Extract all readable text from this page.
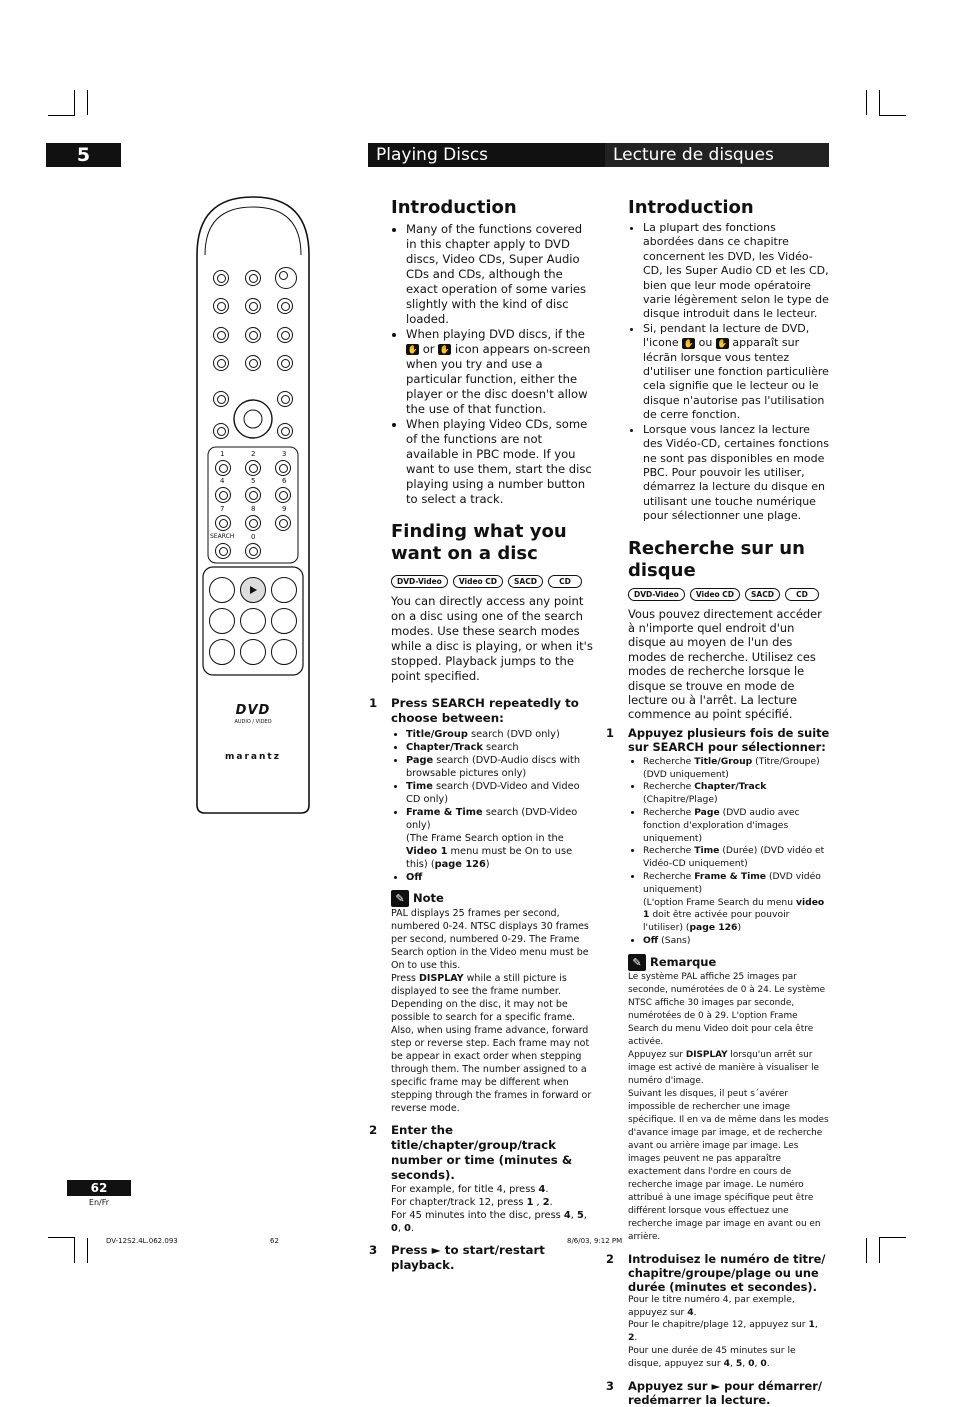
5	Playing Discs	Lecture de disques
1	2	3
4	5	6
7	8	9
SEARCH 0
DVD
AUDIO / VIDEO
marantz
Introduction
• Many of the functions covered in this chapter apply to DVD discs, Video CDs, Super Audio CDs and CDs, although the exact operation of some varies slightly with the kind of disc loaded.
• When playing DVD discs, if the ✋ or ✋ icon appears on-screen when you try and use a particular function, either the player or the disc doesn't allow the use of that function.
• When playing Video CDs, some of the functions are not available in PBC mode. If you want to use them, start the disc playing using a number button to select a track.
Finding what you want on a disc
DVD-Video	Video CD	SACD	CD
You can directly access any point on a disc using one of the search modes. Use these search modes while a disc is playing, or when it's stopped. Playback jumps to the point specified.
1 Press SEARCH repeatedly to choose between:
• Title/Group search (DVD only)
• Chapter/Track search
• Page search (DVD-Audio discs with browsable pictures only)
• Time search (DVD-Video and Video CD only)
• Frame & Time search (DVD-Video only)
(The Frame Search option in the Video 1 menu must be On to use this) (page 126)
• Off
✎ Note
PAL displays 25 frames per second, numbered 0-24. NTSC displays 30 frames per second, numbered 0-29. The Frame Search option in the Video menu must be On to use this.
Press DISPLAY while a still picture is displayed to see the frame number.
Depending on the disc, it may not be possible to search for a specific frame. Also, when using frame advance, forward step or reverse step. Each frame may not be appear in exact order when stepping through them. The number assigned to a specific frame may be different when stepping through the frames in forward or reverse mode.
2 Enter the title/chapter/group/track number or time (minutes & seconds).
For example, for title 4, press 4.
For chapter/track 12, press 1 , 2.
For 45 minutes into the disc, press 4, 5, 0, 0.
3 Press ► to start/restart playback.
Introduction
• La plupart des fonctions abordées dans ce chapitre concernent les DVD, les Vidéo-CD, les Super Audio CD et les CD, bien que leur mode opératoire varie légèrement selon le type de disque introduit dans le lecteur.
• Si, pendant la lecture de DVD, l'icone ✋ ou ✋ apparaît sur lécrãn lorsque vous tentez d'utiliser une fonction particulière cela signifie que le lecteur ou le disque n'autorise pas l'utilisation de cerre fonction.
• Lorsque vous lancez la lecture des Vidéo-CD, certaines fonctions ne sont pas disponibles en mode PBC. Pour pouvoir les utiliser, démarrez la lecture du disque en utilisant une touche numérique pour sélectionner une plage.
Recherche sur un disque
DVD-Video	Video CD	SACD	CD
Vous pouvez directement accéder à n'importe quel endroit d'un disque au moyen de l'un des modes de recherche. Utilisez ces modes de recherche lorsque le disque se trouve en mode de lecture ou à l'arrêt. La lecture commence au point spécifié.
1 Appuyez plusieurs fois de suite sur SEARCH pour sélectionner:
• Recherche Title/Group (Titre/Groupe) (DVD uniquement)
• Recherche Chapter/Track (Chapitre/Plage)
• Recherche Page (DVD audio avec fonction d'exploration d'images uniquement)
• Recherche Time (Durée) (DVD vidéo et Vidéo-CD uniquement)
• Recherche Frame & Time (DVD vidéo uniquement)
(L'option Frame Search du menu video 1 doit être activée pour pouvoir l'utiliser) (page 126)
• Off (Sans)
✎ Remarque
Le système PAL affiche 25 images par seconde, numérotées de 0 à 24. Le système NTSC affiche 30 images par seconde, numérotées de 0 à 29. L'option Frame Search du menu Video doit pour cela être activée.
Appuyez sur DISPLAY lorsqu'un arrêt sur image est activé de manière à visualiser le numéro d'image.
Suivant les disques, il peut s´avérer impossible de rechercher une image spécifique. Il en va de même dans les modes d'avance image par image, et de recherche avant ou arrière image par image. Les images peuvent ne pas apparaître exactement dans l'ordre en cours de recherche image par image. Le numéro attribué à une image spécifique peut être différent lorsque vous effectuez une recherche image par image en avant ou en arrière.
2 Introduisez le numéro de titre/ chapitre/groupe/plage ou une durée (minutes et secondes).
Pour le titre numéro 4, par exemple, appuyez sur 4.
Pour le chapitre/plage 12, appuyez sur 1, 2.
Pour une durée de 45 minutes sur le disque, appuyez sur 4, 5, 0, 0.
3 Appuyez sur ► pour démarrer/ redémarrer la lecture.
62
En/Fr
DV-12S2.4L.062.093	62	8/6/03, 9:12 PM
